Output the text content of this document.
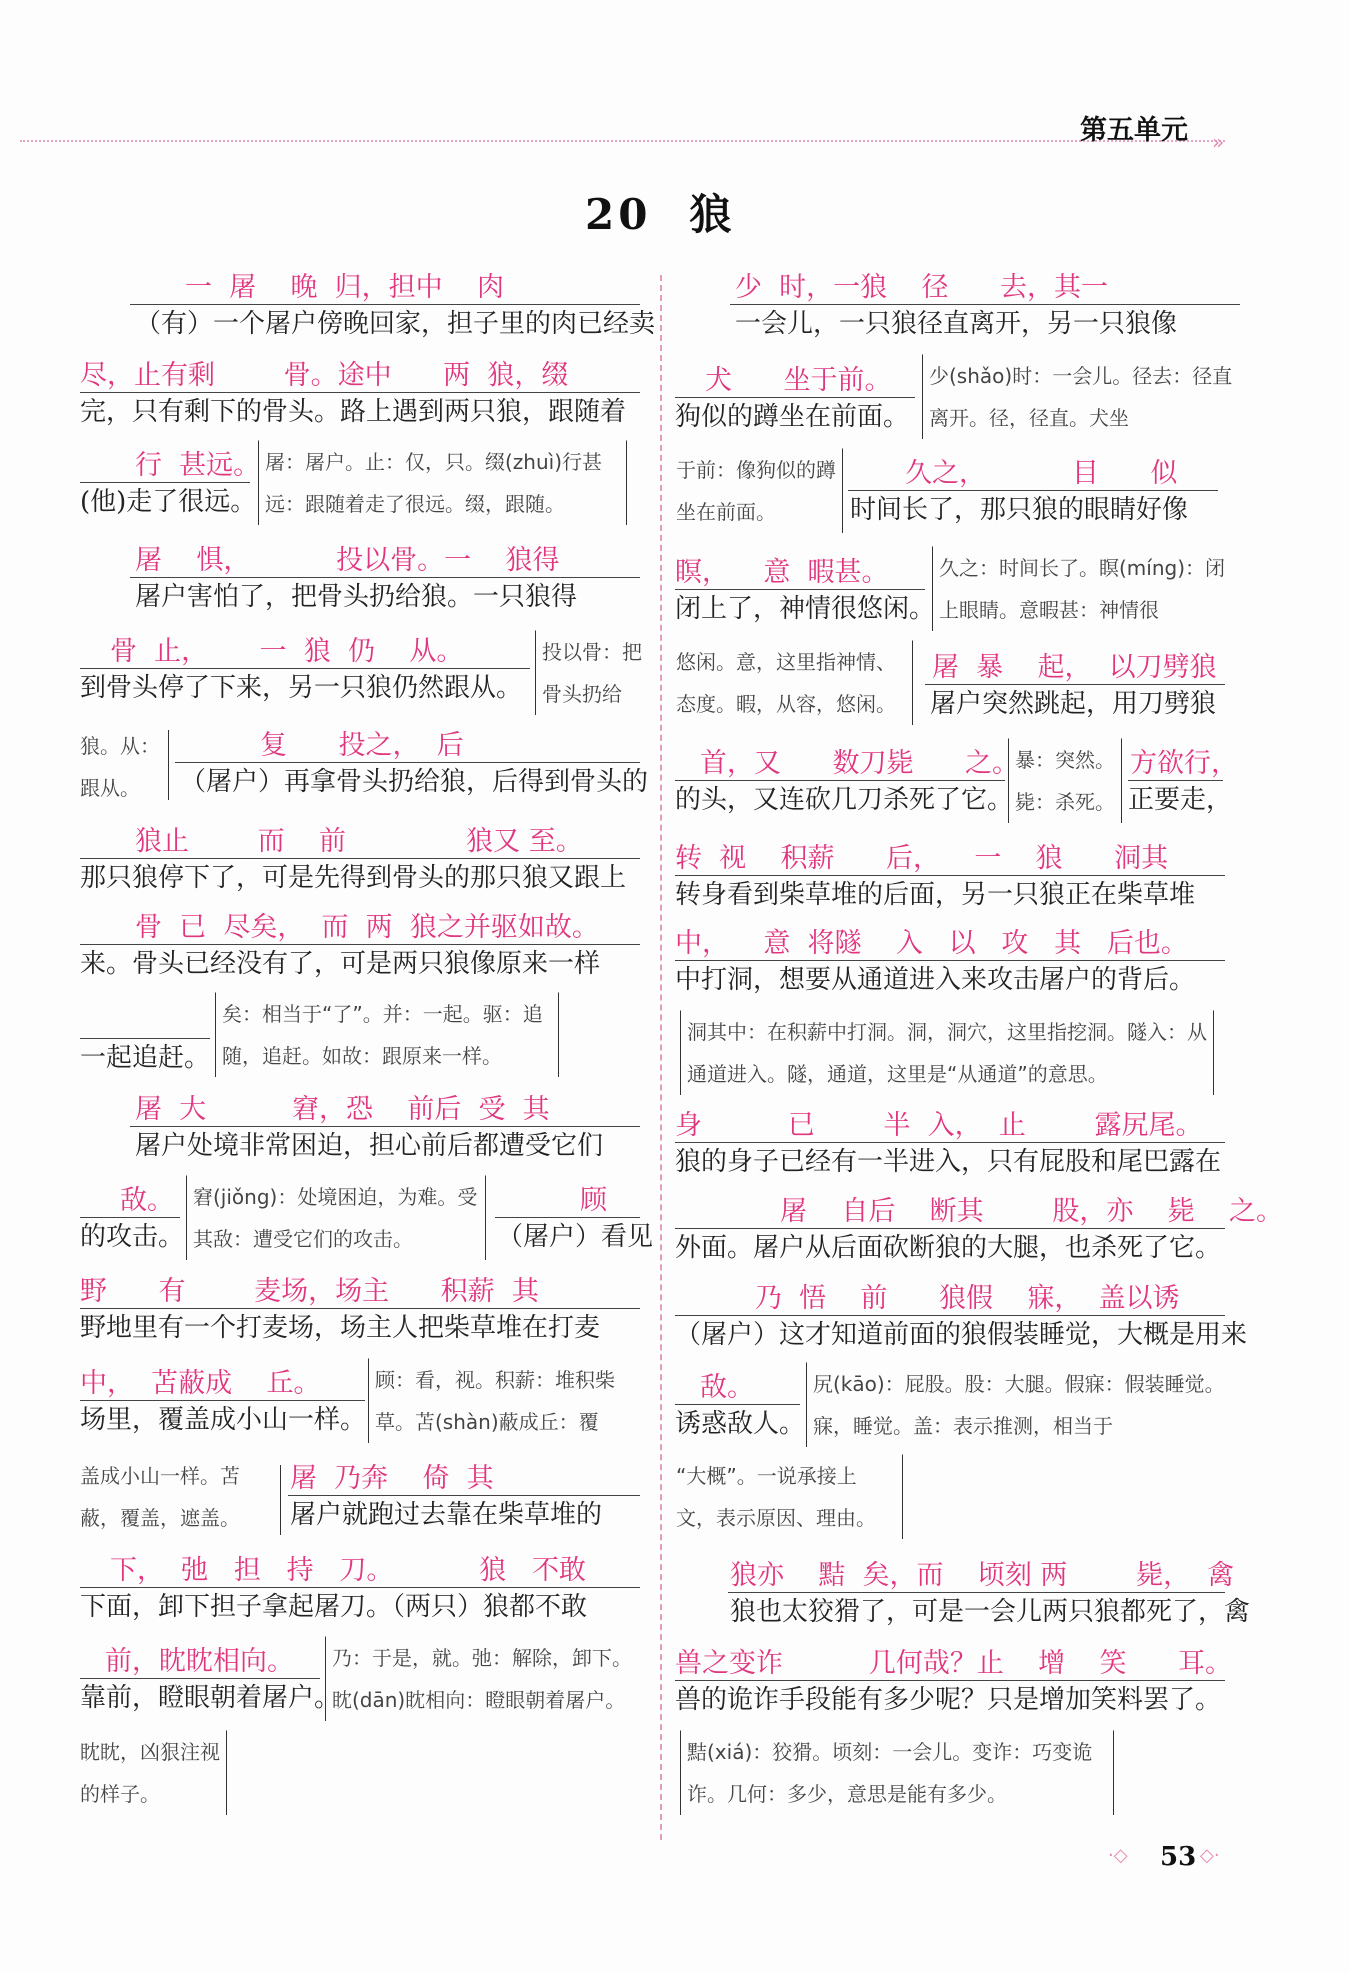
»
第五单元
20 狼
一  屠    晚  归，担中    肉
（有）一个屠户傍晚回家，担子里的肉已经卖
尽，止有剩        骨。途中      两  狼，缀
完，只有剩下的骨头。路上遇到两只狼，跟随着
行  甚远。
(他)走了很远。
屠：屠户。止：仅，只。缀(zhuì)行甚远：跟随着走了很远。缀，跟随。
屠    惧，          投以骨。一    狼得
屠户害怕了，把骨头扔给狼。一只狼得
骨  止，      一  狼  仍    从。
到骨头停了下来，另一只狼仍然跟从。
投以骨：把骨头扔给
狼。从：
跟从。
复      投之，  后
（屠户）再拿骨头扔给狼，后得到骨头的
狼止        而    前              狼又 至。
那只狼停下了，可是先得到骨头的那只狼又跟上
骨  已  尽矣，  而  两  狼之并驱如故。
来。骨头已经没有了，可是两只狼像原来一样
矣：相当于“了”。并：一起。驱：追随，追赶。如故：跟原来一样。
一起追赶。
屠  大          窘，恐    前后  受  其
屠户处境非常困迫，担心前后都遭受它们
敌。
的攻击。
窘(jiǒng)：处境困迫，为难。受其敌：遭受它们的攻击。
顾
（屠户）看见
野      有        麦场，场主      积薪  其
野地里有一个打麦场，场主人把柴草堆在打麦
中，  苫蔽成    丘。
场里，覆盖成小山一样。
顾：看，视。积薪：堆积柴草。苫(shàn)蔽成丘：覆
盖成小山一样。苫
蔽，覆盖，遮盖。
屠  乃奔    倚  其
屠户就跑过去靠在柴草堆的
下，  弛   担   持   刀。          狼   不敢
下面，卸下担子拿起屠刀。（两只）狼都不敢
前，眈眈相向。
靠前，瞪眼朝着屠户。
乃：于是，就。弛：解除，卸下。眈(dān)眈相向：瞪眼朝着屠户。
眈眈，凶狠注视的样子。
少  时，一狼    径      去，其一
一会儿，一只狼径直离开，另一只狼像
犬      坐于前。
狗似的蹲坐在前面。
少(shǎo)时：一会儿。径去：径直离开。径，径直。犬坐
于前：像狗似的蹲坐在前面。
久之，          目      似
时间长了，那只狼的眼睛好像
瞑，    意  暇甚。
闭上了，神情很悠闲。
久之：时间长了。瞑(míng)：闭上眼睛。意暇甚：神情很
悠闲。意，这里指神情、态度。暇，从容，悠闲。
屠  暴    起，  以刀劈狼
屠户突然跳起，用刀劈狼
首，又      数刀毙      之。
的头，又连砍几刀杀死了它。
暴：突然。毙：杀死。
方欲行，
正要走，
转  视    积薪      后，    一    狼      洞其
转身看到柴草堆的后面，另一只狼正在柴草堆
中，    意  将隧    入   以   攻   其   后也。
中打洞，想要从通道进入来攻击屠户的背后。
洞其中：在积薪中打洞。洞，洞穴，这里指挖洞。隧入：从通道进入。隧，通道，这里是“从通道”的意思。
身          已        半  入，  止        露尻尾。
狼的身子已经有一半进入，只有屁股和尾巴露在
屠    自后    断其        股，亦    毙    之。
外面。屠户从后面砍断狼的大腿，也杀死了它。
乃  悟    前      狼假    寐，  盖以诱
（屠户）这才知道前面的狼假装睡觉，大概是用来
敌。
诱惑敌人。
尻(kāo)：屁股。股：大腿。假寐：假装睡觉。寐，睡觉。盖：表示推测，相当于
“大概”。一说承接上文，表示原因、理由。
狼亦    黠  矣，而    顷刻 两        毙，  禽
狼也太狡猾了，可是一会儿两只狼都死了，禽
兽之变诈          几何哉？止    增    笑      耳。
兽的诡诈手段能有多少呢？只是增加笑料罢了。
黠(xiá)：狡猾。顷刻：一会儿。变诈：巧变诡诈。几何：多少，意思是能有多少。
·◇ 53 ◇·
